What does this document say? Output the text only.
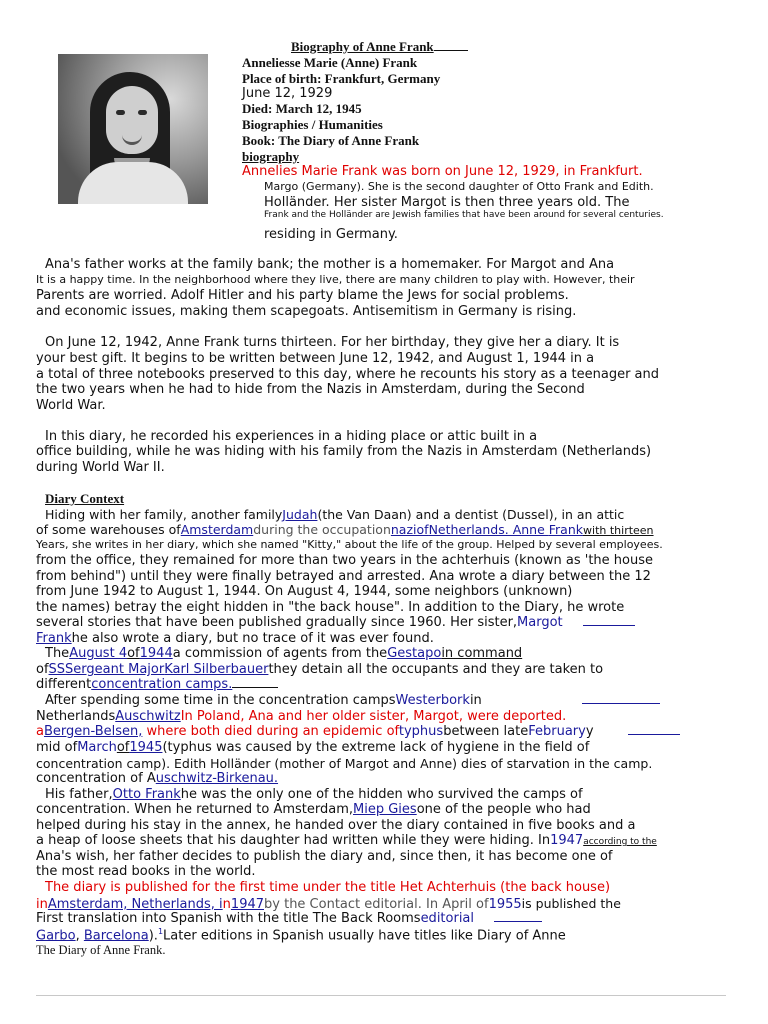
Biography of Anne Frank
Anneliesse Marie (Anne) Frank
Place of birth: Frankfurt, Germany
June 12, 1929
Died: March 12, 1945
Biographies / Humanities
Book: The Diary of Anne Frank
biography
Annelies Marie Frank was born on June 12, 1929, in Frankfurt.
Margo (Germany). She is the second daughter of Otto Frank and Edith.
Holländer. Her sister Margot is then three years old. The
Frank and the Holländer are Jewish families that have been around for several centuries.
residing in Germany.
Ana's father works at the family bank; the mother is a homemaker. For Margot and Ana
It is a happy time. In the neighborhood where they live, there are many children to play with. However, their
Parents are worried. Adolf Hitler and his party blame the Jews for social problems.
and economic issues, making them scapegoats. Antisemitism in Germany is rising.
On June 12, 1942, Anne Frank turns thirteen. For her birthday, they give her a diary. It is
your best gift. It begins to be written between June 12, 1942, and August 1, 1944 in a
a total of three notebooks preserved to this day, where he recounts his story as a teenager and
the two years when he had to hide from the Nazis in Amsterdam, during the Second
World War.
In this diary, he recorded his experiences in a hiding place or attic built in a
office building, while he was hiding with his family from the Nazis in Amsterdam (Netherlands)
during World War II.
Diary Context
Hiding with her family, another familyJudah(the Van Daan) and a dentist (Dussel), in an attic
of some warehouses ofAmsterdamduring the occupationnaziofNetherlands. Anne Frankwith thirteen
Years, she writes in her diary, which she named "Kitty," about the life of the group. Helped by several employees.
from the office, they remained for more than two years in the achterhuis (known as 'the house
from behind") until they were finally betrayed and arrested. Ana wrote a diary between the 12
from June 1942 to August 1, 1944. On August 4, 1944, some neighbors (unknown)
the names) betray the eight hidden in "the back house". In addition to the Diary, he wrote
several stories that have been published gradually since 1960. Her sister,Margot
Frankhe also wrote a diary, but no trace of it was ever found.
TheAugust 4of1944a commission of agents from theGestapoin command
ofSSSergeant MajorKarl Silberbauerthey detain all the occupants and they are taken to
differentconcentration camps.
After spending some time in the concentration campsWesterborkin
NetherlandsAuschwitzIn Poland, Ana and her older sister, Margot, were deported.
aBergen-Belsen, where both died during an epidemic oftyphusbetween lateFebruaryy
mid ofMarchof1945(typhus was caused by the extreme lack of hygiene in the field of
concentration camp). Edith Holländer (mother of Margot and Anne) dies of starvation in the camp.
concentration of Auschwitz-Birkenau.
His father,Otto Frankhe was the only one of the hidden who survived the camps of
concentration. When he returned to Amsterdam,Miep Giesone of the people who had
helped during his stay in the annex, he handed over the diary contained in five books and a
a heap of loose sheets that his daughter had written while they were hiding. In1947according to the
Ana's wish, her father decides to publish the diary and, since then, it has become one of
the most read books in the world.
The diary is published for the first time under the title Het Achterhuis (the back house)
inAmsterdam, Netherlands, in1947by the Contact editorial. In April of1955is published the
First translation into Spanish with the title The Back Roomseditorial
Garbo, Barcelona).$^1$Later editions in Spanish usually have titles like Diary of Anne
The Diary of Anne Frank.
